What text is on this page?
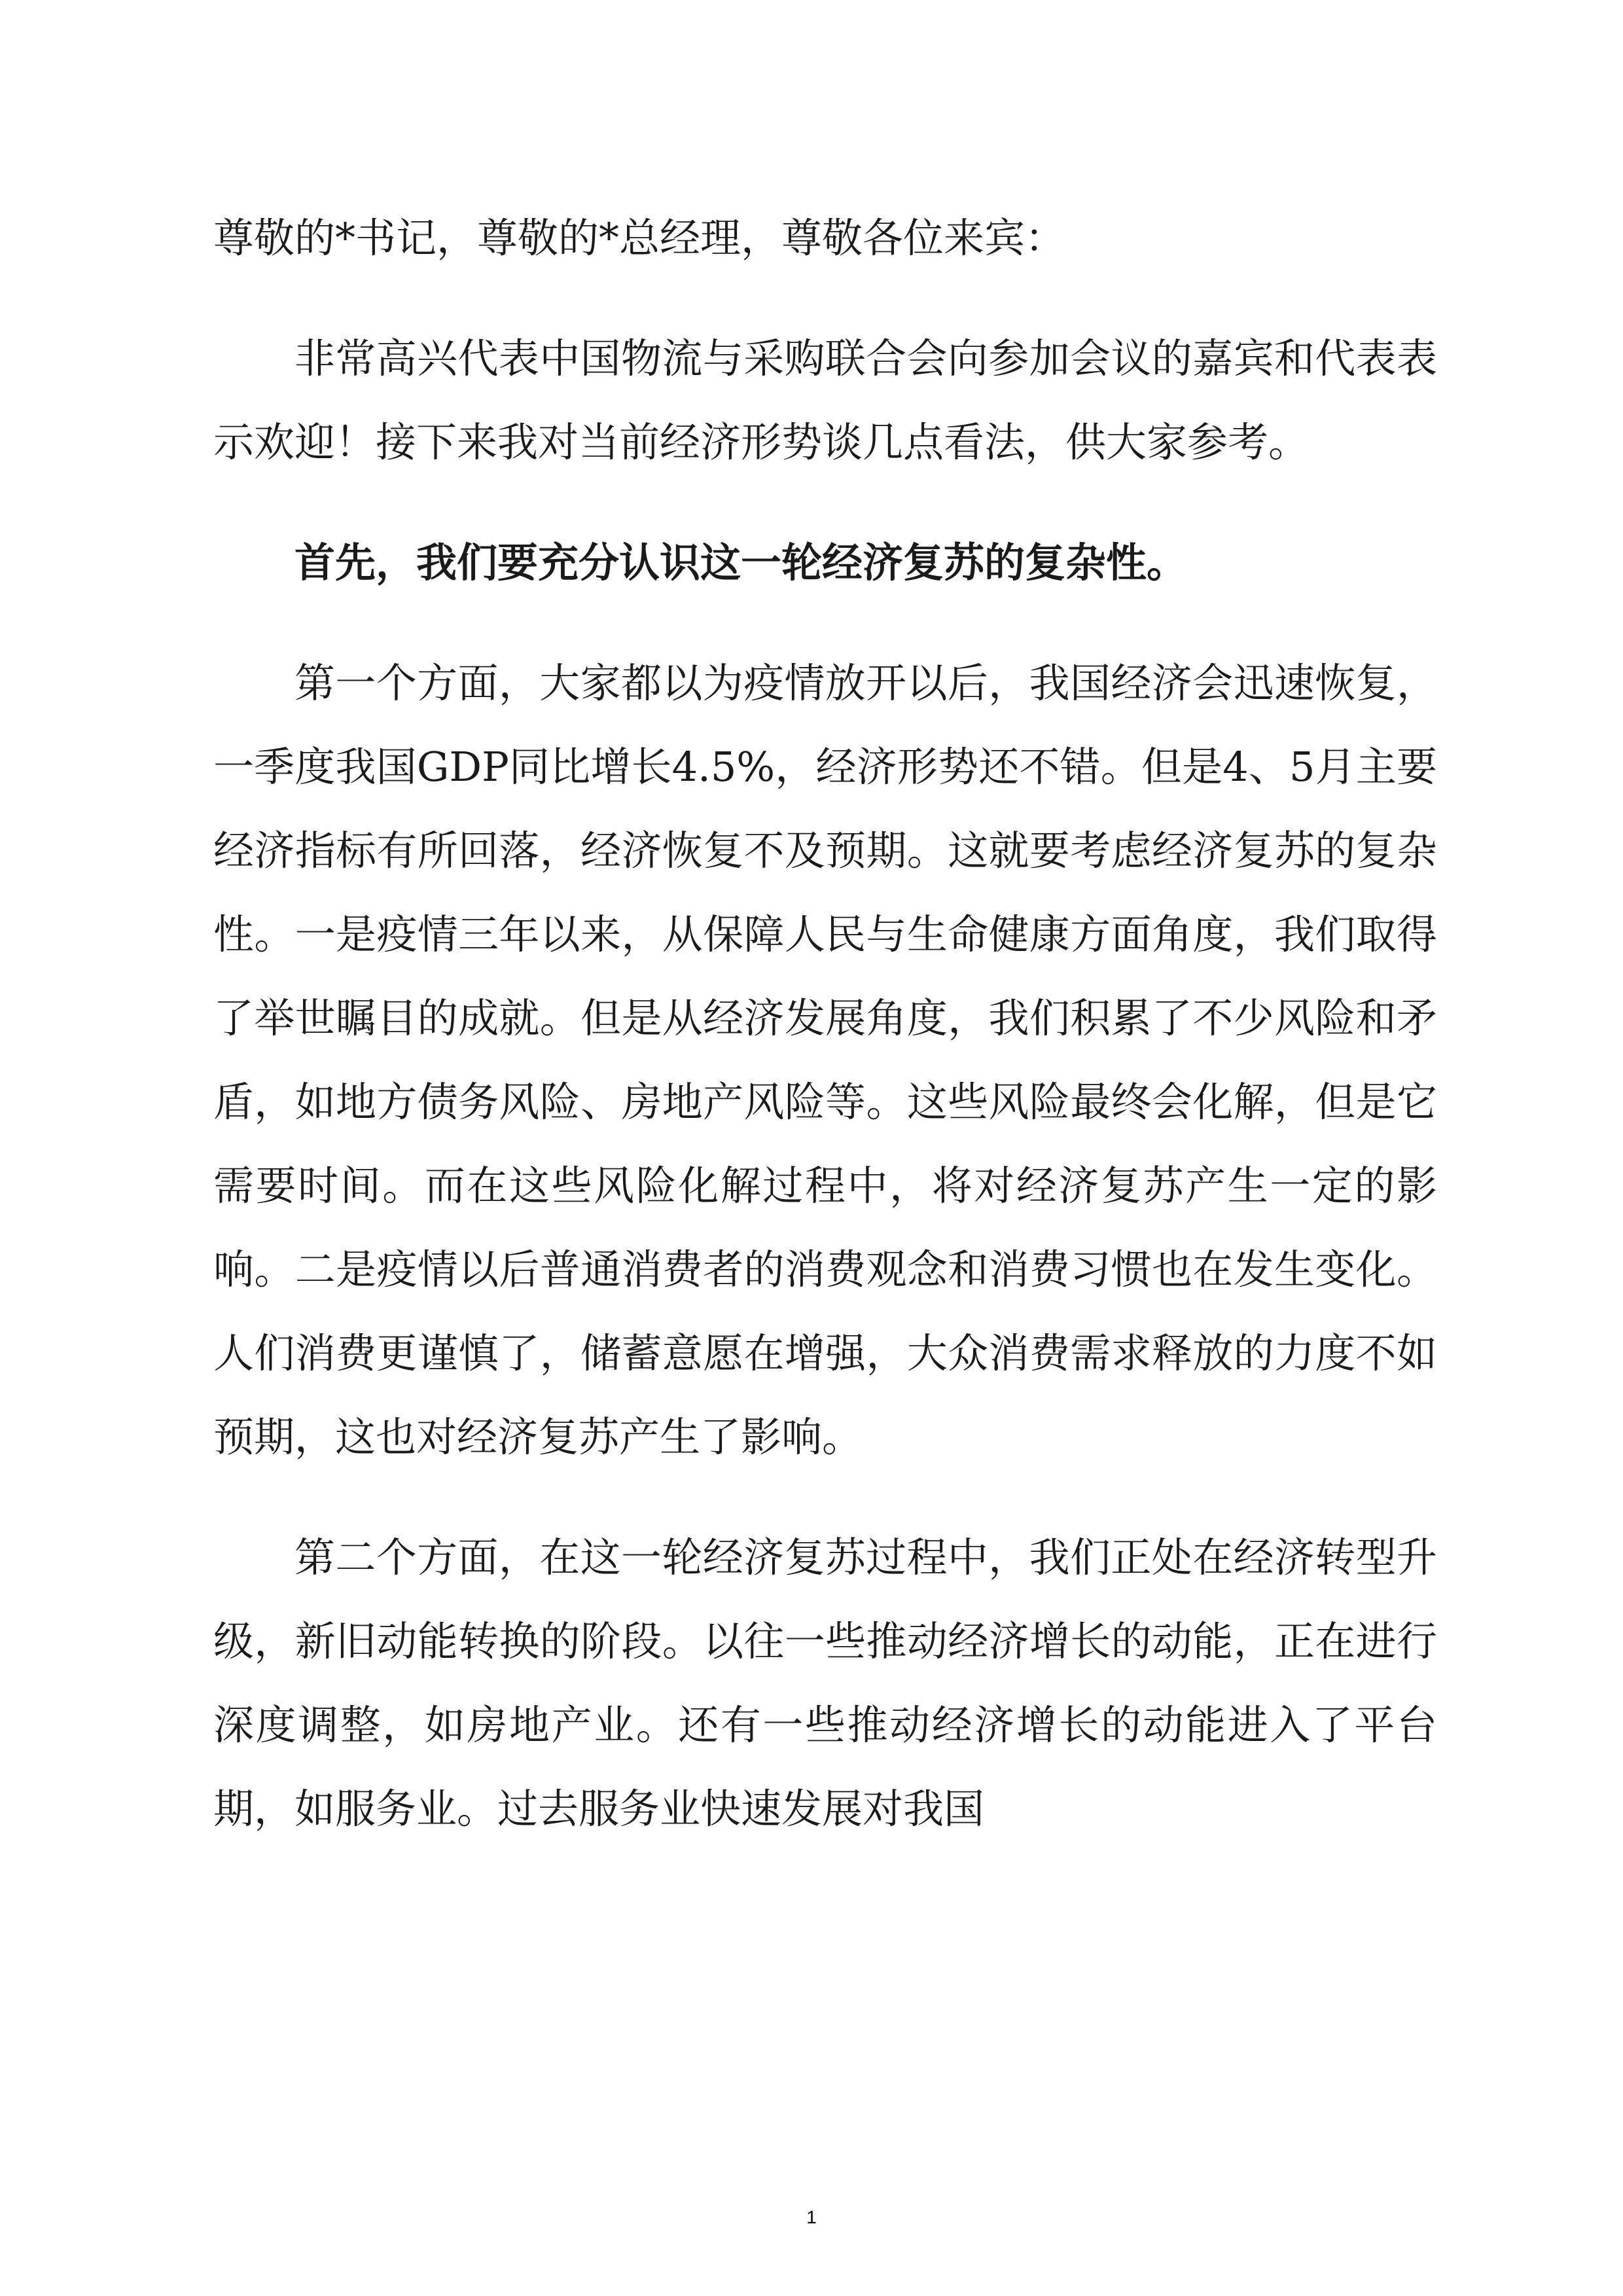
尊敬的*书记，尊敬的*总经理，尊敬各位来宾：

非常高兴代表中国物流与采购联合会向参加会议的嘉宾和代表表示欢迎！接下来我对当前经济形势谈几点看法，供大家参考。

首先，我们要充分认识这一轮经济复苏的复杂性。

第一个方面，大家都以为疫情放开以后，我国经济会迅速恢复，一季度我国GDP同比增长4.5%，经济形势还不错。但是4、5月主要经济指标有所回落，经济恢复不及预期。这就要考虑经济复苏的复杂性。一是疫情三年以来，从保障人民与生命健康方面角度，我们取得了举世瞩目的成就。但是从经济发展角度，我们积累了不少风险和矛盾，如地方债务风险、房地产风险等。这些风险最终会化解，但是它需要时间。而在这些风险化解过程中，将对经济复苏产生一定的影响。二是疫情以后普通消费者的消费观念和消费习惯也在发生变化。人们消费更谨慎了，储蓄意愿在增强，大众消费需求释放的力度不如预期，这也对经济复苏产生了影响。

第二个方面，在这一轮经济复苏过程中，我们正处在经济转型升级，新旧动能转换的阶段。以往一些推动经济增长的动能，正在进行深度调整，如房地产业。还有一些推动经济增长的动能进入了平台期，如服务业。过去服务业快速发展对我国

1
